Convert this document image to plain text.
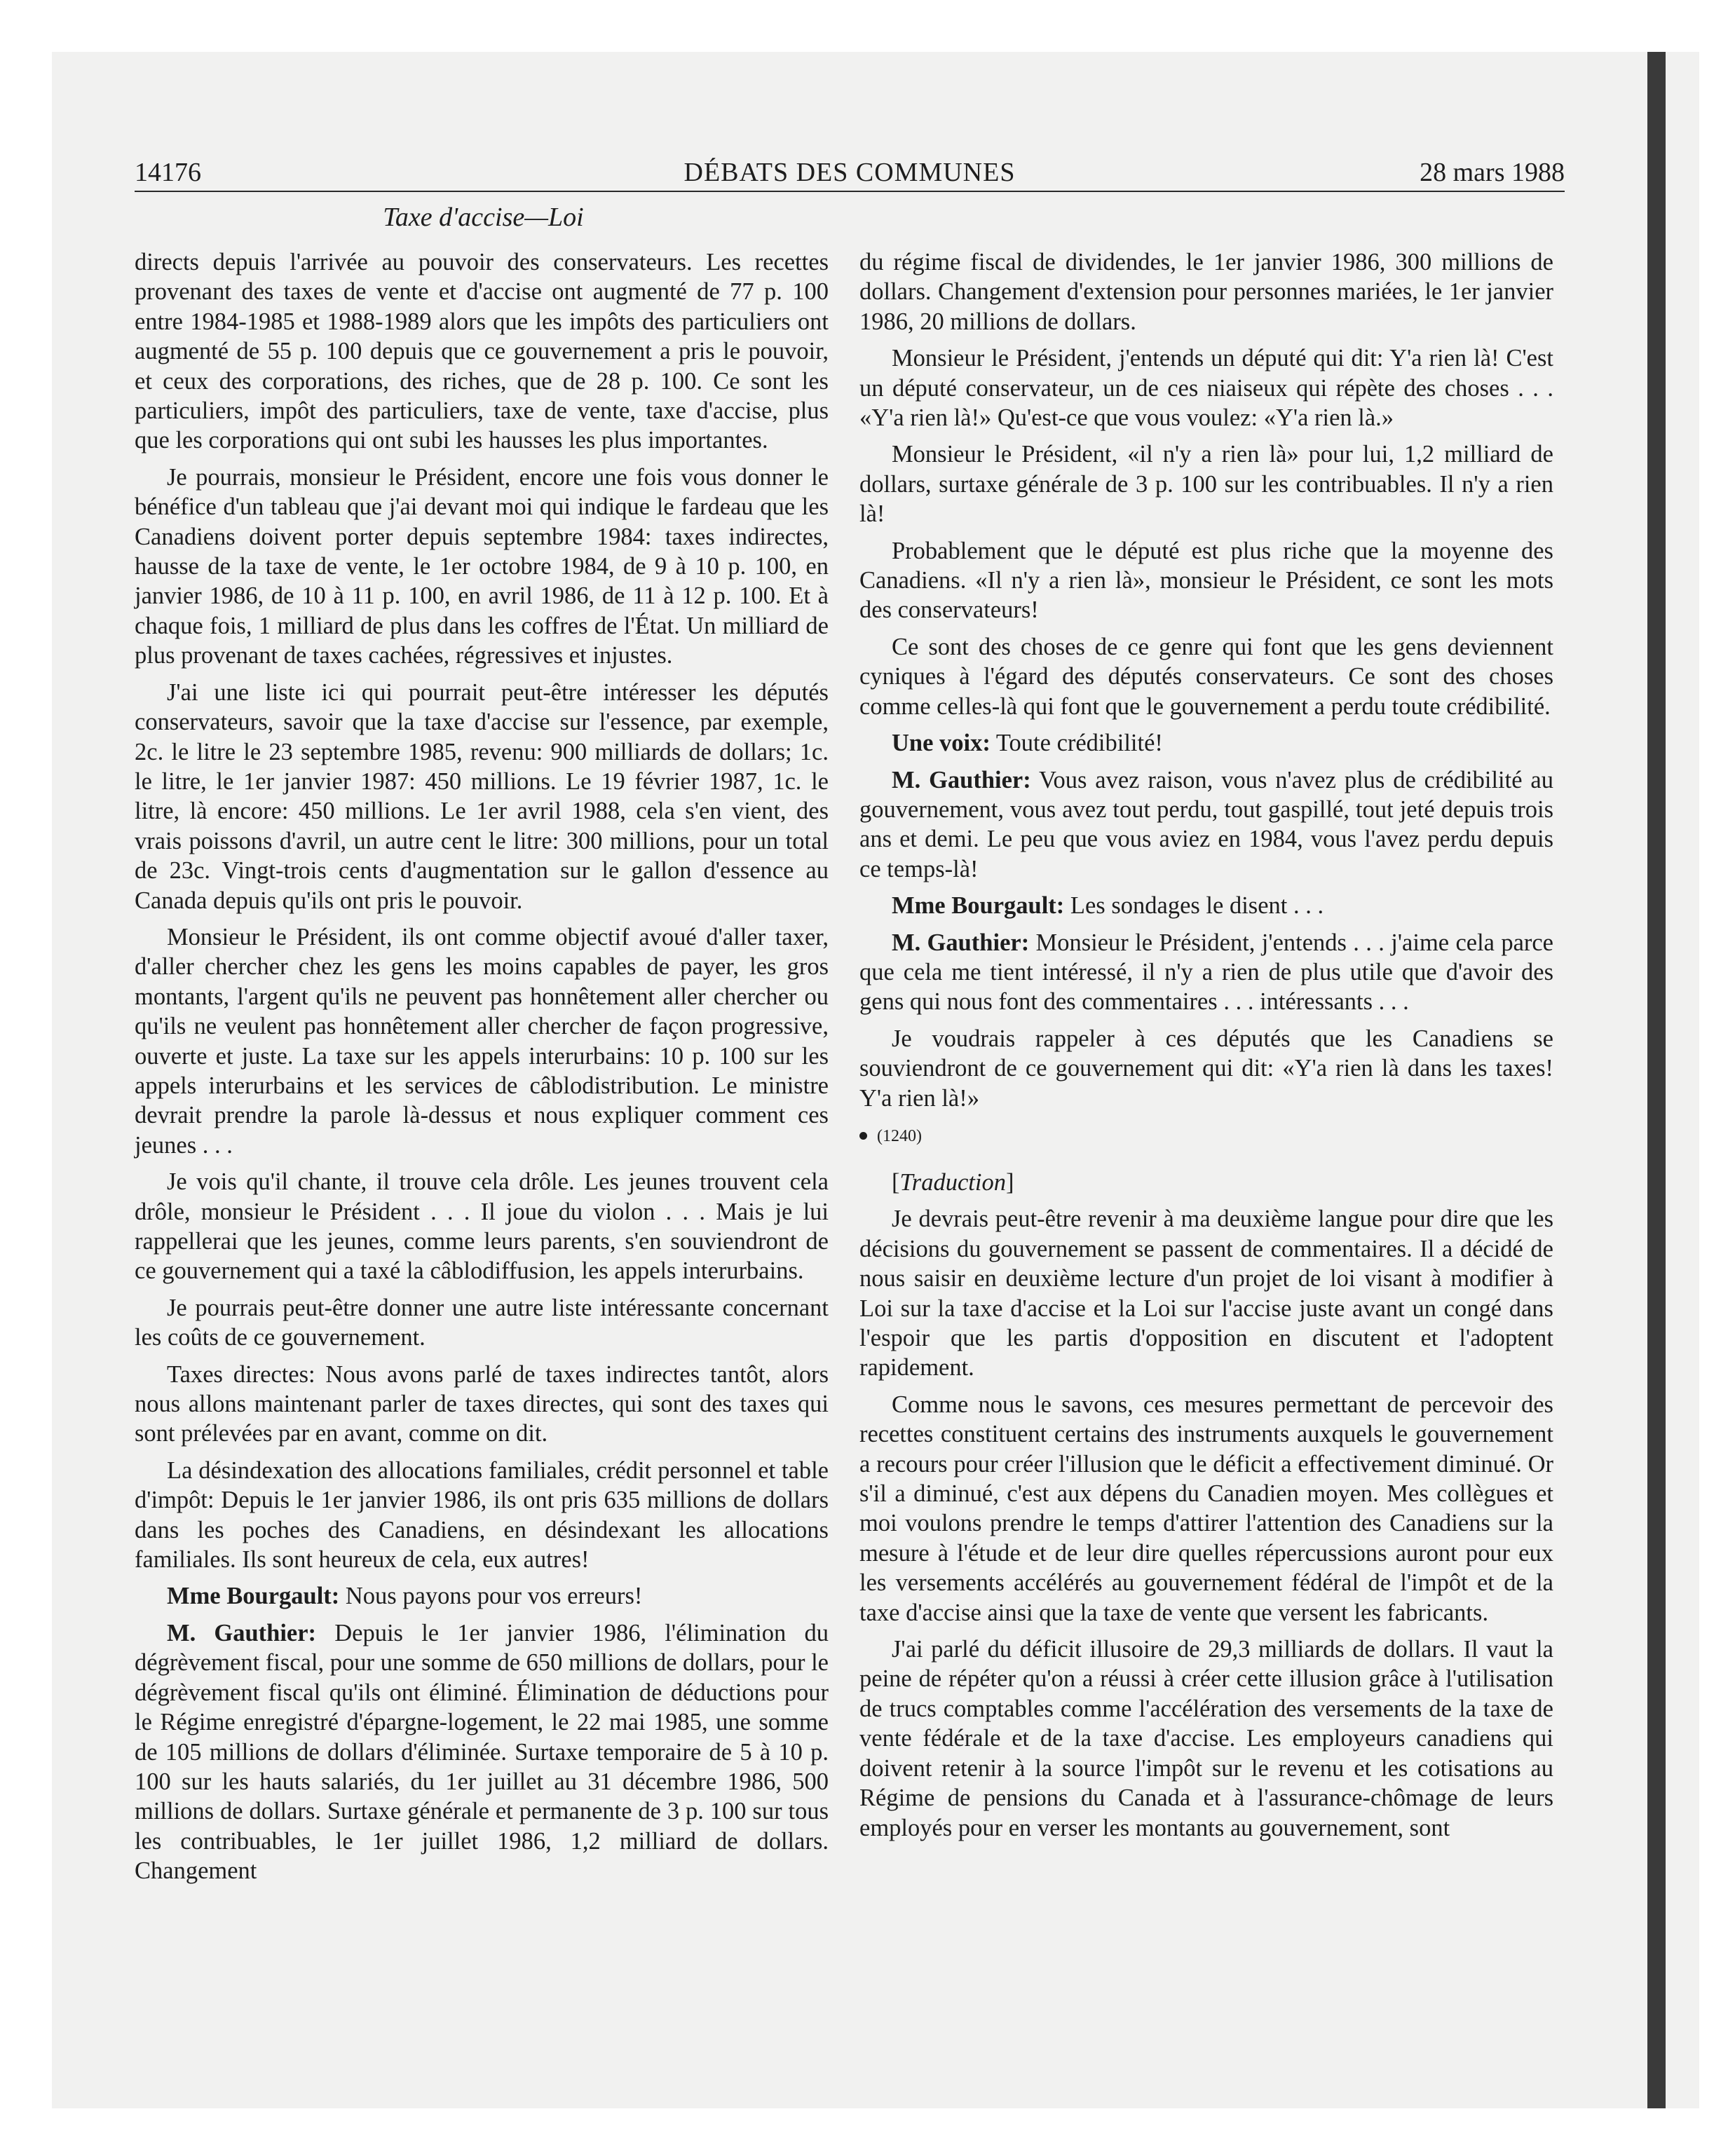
14176	DÉBATS DES COMMUNES	28 mars 1988
Taxe d'accise—Loi

directs depuis l'arrivée au pouvoir des conservateurs. Les recettes provenant des taxes de vente et d'accise ont augmenté de 77 p. 100 entre 1984-1985 et 1988-1989 alors que les impôts des particuliers ont augmenté de 55 p. 100 depuis que ce gouvernement a pris le pouvoir, et ceux des corporations, des riches, que de 28 p. 100. Ce sont les particuliers, impôt des particuliers, taxe de vente, taxe d'accise, plus que les corporations qui ont subi les hausses les plus importantes.

Je pourrais, monsieur le Président, encore une fois vous donner le bénéfice d'un tableau que j'ai devant moi qui indique le fardeau que les Canadiens doivent porter depuis septembre 1984: taxes indirectes, hausse de la taxe de vente, le 1er octobre 1984, de 9 à 10 p. 100, en janvier 1986, de 10 à 11 p. 100, en avril 1986, de 11 à 12 p. 100. Et à chaque fois, 1 milliard de plus dans les coffres de l'État. Un milliard de plus provenant de taxes cachées, régressives et injustes.

J'ai une liste ici qui pourrait peut-être intéresser les députés conservateurs, savoir que la taxe d'accise sur l'essence, par exemple, 2c. le litre le 23 septembre 1985, revenu: 900 milliards de dollars; 1c. le litre, le 1er janvier 1987: 450 millions. Le 19 février 1987, 1c. le litre, là encore: 450 millions. Le 1er avril 1988, cela s'en vient, des vrais poissons d'avril, un autre cent le litre: 300 millions, pour un total de 23c. Vingt-trois cents d'augmentation sur le gallon d'essence au Canada depuis qu'ils ont pris le pouvoir.

Monsieur le Président, ils ont comme objectif avoué d'aller taxer, d'aller chercher chez les gens les moins capables de payer, les gros montants, l'argent qu'ils ne peuvent pas honnêtement aller chercher ou qu'ils ne veulent pas honnêtement aller chercher de façon progressive, ouverte et juste. La taxe sur les appels interurbains: 10 p. 100 sur les appels interurbains et les services de câblodistribution. Le ministre devrait prendre la parole là-dessus et nous expliquer comment ces jeunes . . .

Je vois qu'il chante, il trouve cela drôle. Les jeunes trouvent cela drôle, monsieur le Président . . . Il joue du violon . . . Mais je lui rappellerai que les jeunes, comme leurs parents, s'en souviendront de ce gouvernement qui a taxé la câblodiffusion, les appels interurbains.

Je pourrais peut-être donner une autre liste intéressante concernant les coûts de ce gouvernement.

Taxes directes: Nous avons parlé de taxes indirectes tantôt, alors nous allons maintenant parler de taxes directes, qui sont des taxes qui sont prélevées par en avant, comme on dit.

La désindexation des allocations familiales, crédit personnel et table d'impôt: Depuis le 1er janvier 1986, ils ont pris 635 millions de dollars dans les poches des Canadiens, en désindexant les allocations familiales. Ils sont heureux de cela, eux autres!

Mme Bourgault: Nous payons pour vos erreurs!

M. Gauthier: Depuis le 1er janvier 1986, l'élimination du dégrèvement fiscal, pour une somme de 650 millions de dollars, pour le dégrèvement fiscal qu'ils ont éliminé. Élimination de déductions pour le Régime enregistré d'épargne-logement, le 22 mai 1985, une somme de 105 millions de dollars d'éliminée. Surtaxe temporaire de 5 à 10 p. 100 sur les hauts salariés, du 1er juillet au 31 décembre 1986, 500 millions de dollars. Surtaxe générale et permanente de 3 p. 100 sur tous les contribuables, le 1er juillet 1986, 1,2 milliard de dollars. Changement

du régime fiscal de dividendes, le 1er janvier 1986, 300 millions de dollars. Changement d'extension pour personnes mariées, le 1er janvier 1986, 20 millions de dollars.

Monsieur le Président, j'entends un député qui dit: Y'a rien là! C'est un député conservateur, un de ces niaiseux qui répète des choses . . . «Y'a rien là!» Qu'est-ce que vous voulez: «Y'a rien là.»

Monsieur le Président, «il n'y a rien là» pour lui, 1,2 milliard de dollars, surtaxe générale de 3 p. 100 sur les contribuables. Il n'y a rien là!

Probablement que le député est plus riche que la moyenne des Canadiens. «Il n'y a rien là», monsieur le Président, ce sont les mots des conservateurs!

Ce sont des choses de ce genre qui font que les gens deviennent cyniques à l'égard des députés conservateurs. Ce sont des choses comme celles-là qui font que le gouvernement a perdu toute crédibilité.

Une voix: Toute crédibilité!

M. Gauthier: Vous avez raison, vous n'avez plus de crédibilité au gouvernement, vous avez tout perdu, tout gaspillé, tout jeté depuis trois ans et demi. Le peu que vous aviez en 1984, vous l'avez perdu depuis ce temps-là!

Mme Bourgault: Les sondages le disent . . .

M. Gauthier: Monsieur le Président, j'entends . . . j'aime cela parce que cela me tient intéressé, il n'y a rien de plus utile que d'avoir des gens qui nous font des commentaires . . . intéressants . . .

Je voudrais rappeler à ces députés que les Canadiens se souviendront de ce gouvernement qui dit: «Y'a rien là dans les taxes! Y'a rien là!»

(1240)

[Traduction]

Je devrais peut-être revenir à ma deuxième langue pour dire que les décisions du gouvernement se passent de commentaires. Il a décidé de nous saisir en deuxième lecture d'un projet de loi visant à modifier à Loi sur la taxe d'accise et la Loi sur l'accise juste avant un congé dans l'espoir que les partis d'opposition en discutent et l'adoptent rapidement.

Comme nous le savons, ces mesures permettant de percevoir des recettes constituent certains des instruments auxquels le gouvernement a recours pour créer l'illusion que le déficit a effectivement diminué. Or s'il a diminué, c'est aux dépens du Canadien moyen. Mes collègues et moi voulons prendre le temps d'attirer l'attention des Canadiens sur la mesure à l'étude et de leur dire quelles répercussions auront pour eux les versements accélérés au gouvernement fédéral de l'impôt et de la taxe d'accise ainsi que la taxe de vente que versent les fabricants.

J'ai parlé du déficit illusoire de 29,3 milliards de dollars. Il vaut la peine de répéter qu'on a réussi à créer cette illusion grâce à l'utilisation de trucs comptables comme l'accélération des versements de la taxe de vente fédérale et de la taxe d'accise. Les employeurs canadiens qui doivent retenir à la source l'impôt sur le revenu et les cotisations au Régime de pensions du Canada et à l'assurance-chômage de leurs employés pour en verser les montants au gouvernement, sont
